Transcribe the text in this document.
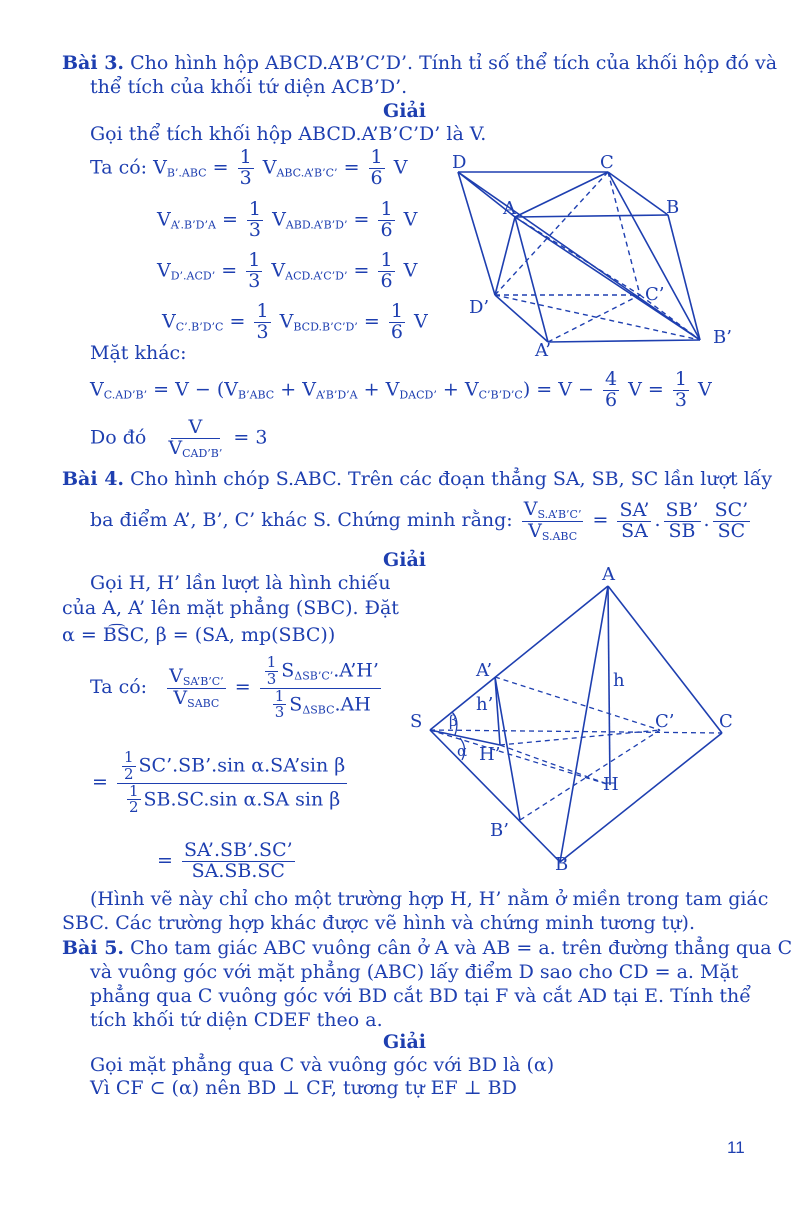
Bài 3. Cho hình hộp ABCD.A’B’C’D’. Tính tỉ số thể tích của khối hộp đó và
thể tích của khối tứ diện ACB’D’.
Giải
Gọi thể tích khối hộp ABCD.A’B’C’D’ là V.
Ta có: $V_{B’.ABC} = \frac{1}{3} V_{ABC.A’B’C’} = \frac{1}{6}$ V
$V_{A’.B’D’A} = \frac{1}{3} V_{ABD.A’B’D’} = \frac{1}{6}$ V
$V_{D’.ACD’} = \frac{1}{3} V_{ACD.A’C’D’} = \frac{1}{6}$ V
$V_{C’.B’D’C} = \frac{1}{3} V_{BCD.B’C’D’} = \frac{1}{6}$ V
Mặt khác:
$V_{C.AD’B’} = V - (V_{B’ABC} + V_{A’B’D’A} + V_{DACD’} + V_{C’B’D’C}) = V - \frac{4}{6}$ $V = \frac{1}{3}$ V
Do đó $\frac{V}{V_{CAD’B’}} = 3$
D	C
A	B
D’
C’
A’
B’
Bài 4. Cho hình chóp S.ABC. Trên các đoạn thẳng SA, SB, SC lần lượt lấy
ba điểm A’, B’, C’ khác S. Chứng minh rằng: $\frac{V_{S.A’B’C’}}{V_{S.ABC}} = \frac{SA’}{SA}$ . $\frac{SB’}{SB}$ . $\frac{SC’}{SC}$
Giải
Gọi H, H’ lần lượt là hình chiếu
của A, A’ lên mặt phẳng (SBC). Đặt
α = B͡SC, β = (SA, mp(SBC))
Ta có: $\frac{V_{SA’B’C’}}{V_{SABC}} = \frac{\frac{1}{3} S_{\Delta SB’C’}.A’H’}{\frac{1}{3} S_{\Delta SBC}.AH}$
= $\frac{\frac{1}{2} SC’.SB’.\sin \alpha.SA’\sin \beta}{\frac{1}{2} SB.SC.\sin \alpha.SA \sin \beta}$
= $\frac{SA’.SB’.SC’}{SA.SB.SC}$
(Hình vẽ này chỉ cho một trường hợp H, H’ nằm ở miền trong tam giác
SBC. Các trường hợp khác được vẽ hình và chứng minh tương tự).
A
A’	h
h’
S β
α H’
C’ C
H
B’
B
Bài 5. Cho tam giác ABC vuông cân ở A và AB = a. trên đường thẳng qua C
và vuông góc với mặt phẳng (ABC) lấy điểm D sao cho CD = a. Mặt
phẳng qua C vuông góc với BD cắt BD tại F và cắt AD tại E. Tính thể
tích khối tứ diện CDEF theo a.
Giải
Gọi mặt phẳng qua C và vuông góc với BD là (α)
Vì CF ⊂ (α) nên BD ⊥ CF, tương tự EF ⊥ BD
11
